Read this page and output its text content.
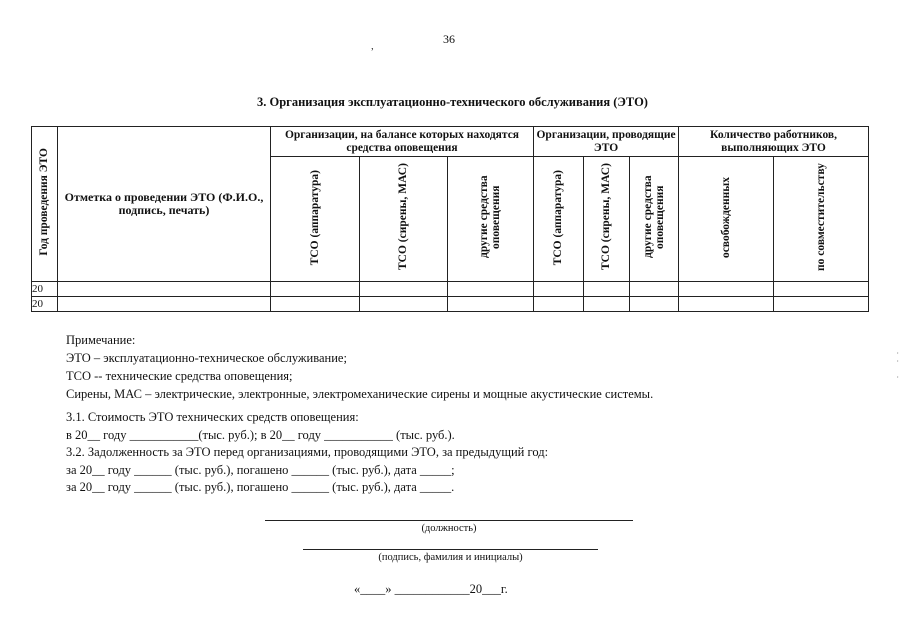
36
,
3. Организация эксплуатационно-технического обслуживания (ЭТО)
Год проведения ЭТО	Отметка о проведении ЭТО (Ф.И.О., подпись, печать)	Организации, на балансе которых находятся средства оповещения			Организации, проводящие ЭТО			Количество работников, выполняющих ЭТО	
		ТСО (аппаратура)	ТСО (сирены, МАС)	другие средства оповещения	ТСО (аппаратура)	ТСО (сирены, МАС)	другие средства оповещения	освобожденных	по совместительству
20									
20									
Примечание:
ЭТО – эксплуатационно-техническое обслуживание;
ТСО -- технические средства оповещения;
Сирены, МАС – электрические, электронные, электромеханические сирены и мощные акустические системы.
3.1. Стоимость ЭТО технических средств оповещения:
в 20__ году ___________(тыс. руб.); в 20__ году ___________ (тыс. руб.).
3.2. Задолженность за ЭТО перед организациями, проводящими ЭТО, за предыдущий год:
за 20__ году ______ (тыс. руб.), погашено ______ (тыс. руб.), дата _____;
за 20__ году ______ (тыс. руб.), погашено ______ (тыс. руб.), дата _____.
(должность)
(подпись, фамилия и инициалы)
«____» ____________20___г.
·
·

·
